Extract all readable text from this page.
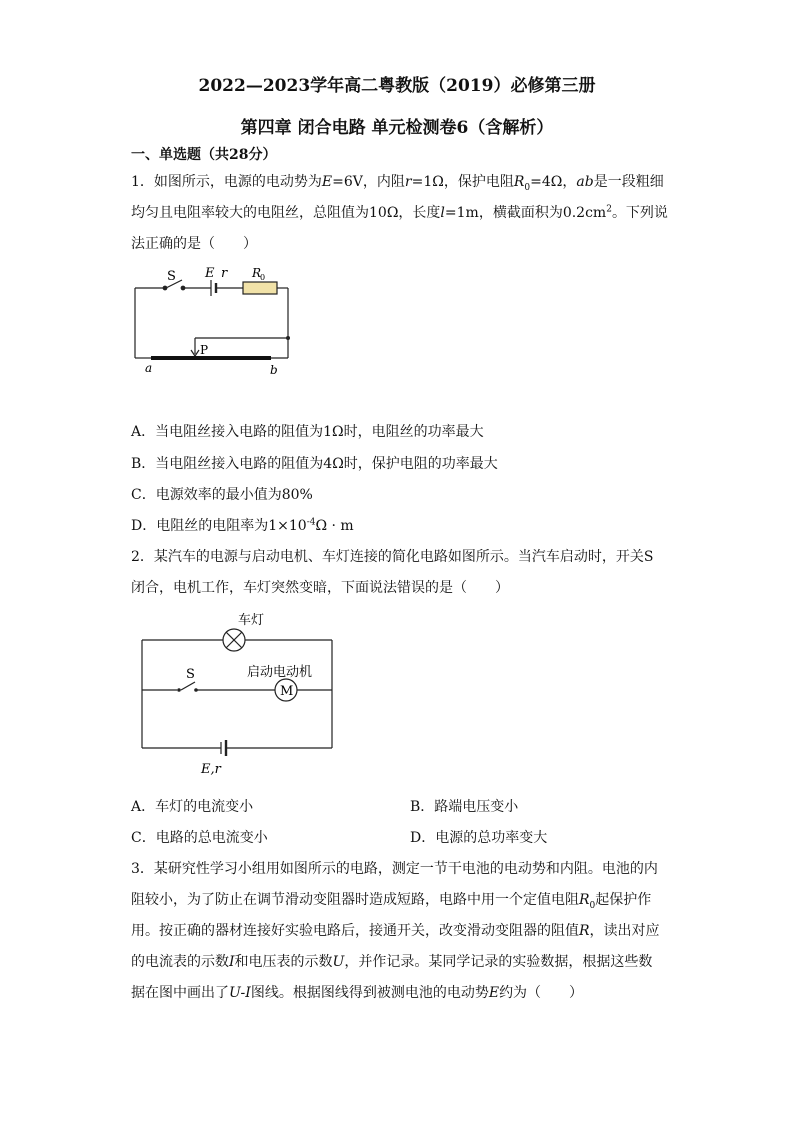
2022—2023学年高二粤教版（2019）必修第三册
第四章 闭合电路 单元检测卷6（含解析）
一、单选题（共28分）
1．如图所示，电源的电动势为E=6V，内阻r=1Ω，保护电阻$R_0=4\Omega$，ab是一段粗细
均匀且电阻率较大的电阻丝，总阻值为10Ω，长度l=1m，横截面积为$0.2cm^2$。下列说
法正确的是（　　）
S E r R
0
P
a	b
A．当电阻丝接入电路的阻值为1Ω时，电阻丝的功率最大
B．当电阻丝接入电路的阻值为4Ω时，保护电阻的功率最大
C．电源效率的最小值为80%
D．电阻丝的电阻率为$1\times 10^{-4}\Omega \cdot m$
2．某汽车的电源与启动电机、车灯连接的简化电路如图所示。当汽车启动时，开关S
闭合，电机工作，车灯突然变暗，下面说法错误的是（　　）
车灯
S	启动电动机
M
E,r
A．车灯的电流变小	B．路端电压变小
C．电路的总电流变小	D．电源的总功率变大
3．某研究性学习小组用如图所示的电路，测定一节干电池的电动势和内阻。电池的内
阻较小，为了防止在调节滑动变阻器时造成短路，电路中用一个定值电阻$R_0$起保护作
用。按正确的器材连接好实验电路后，接通开关，改变滑动变阻器的阻值R，读出对应
的电流表的示数I和电压表的示数U，并作记录。某同学记录的实验数据，根据这些数
据在图中画出了U-I图线。根据图线得到被测电池的电动势E约为（　　）
